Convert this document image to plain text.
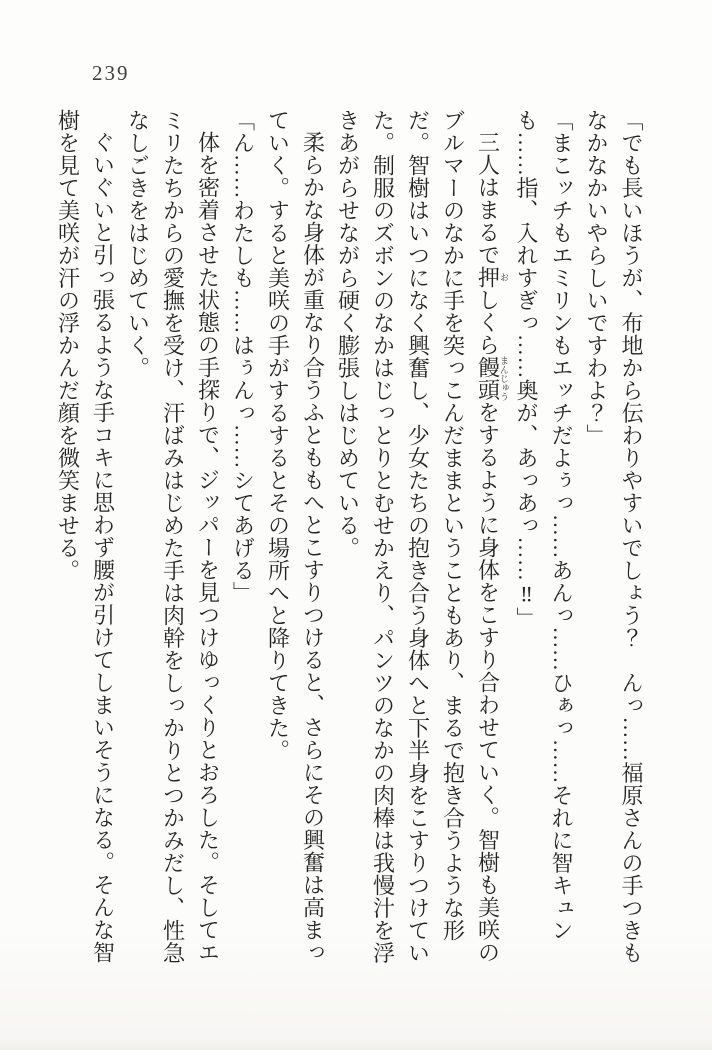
239

「でも長いほうが、布地から伝わりやすいでしょう？　んっ……福原さんの手つきもなかなかいやらしいですわよ？」

「まこッチもエミリンもエッチだよぅっ……あんっ……ひぁっ……それに智キュンも……指、入れすぎっ……奥が、あっあっ……‼」

三人はまるで押おしくら饅頭まんじゅうをするように身体をこすり合わせていく。智樹も美咲のブルマーのなかに手を突っこんだままということもあり、まるで抱き合うような形だ。智樹はいつになく興奮し、少女たちの抱き合う身体へと下半身をこすりつけていた。制服のズボンのなかはじっとりとむせかえり、パンツのなかの肉棒は我慢汁を浮きあがらせながら硬く膨張しはじめている。

柔らかな身体が重なり合うふとももへとこすりつけると、さらにその興奮は高まっていく。すると美咲の手がするするとその場所へと降りてきた。

「ん……わたしも……はぅんっ……シてあげる」

体を密着させた状態の手探りで、ジッパーを見つけゆっくりとおろした。そしてエミリたちからの愛撫を受け、汗ばみはじめた手は肉幹をしっかりとつかみだし、性急なしごきをはじめていく。

ぐいぐいと引っ張るような手コキに思わず腰が引けてしまいそうになる。そんな智樹を見て美咲が汗の浮かんだ顔を微笑ませる。
